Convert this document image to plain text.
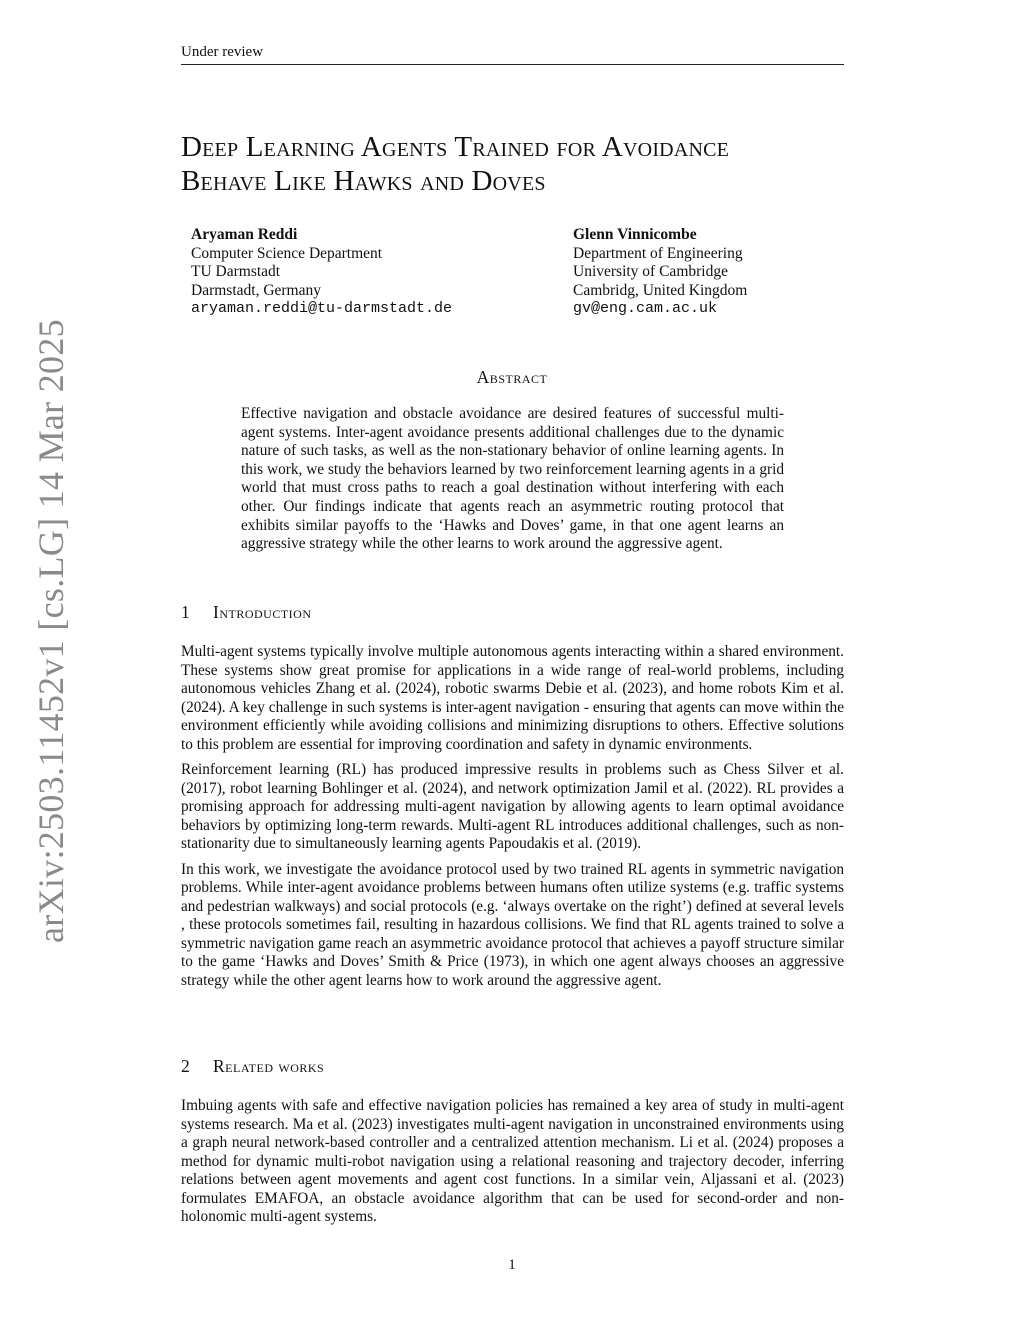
Under review
arXiv:2503.11452v1 [cs.LG] 14 Mar 2025
Deep Learning Agents Trained for Avoidance
Behave Like Hawks and Doves
Aryaman Reddi
Computer Science Department
TU Darmstadt
Darmstadt, Germany
aryaman.reddi@tu-darmstadt.de
Glenn Vinnicombe
Department of Engineering
University of Cambridge
Cambridg, United Kingdom
gv@eng.cam.ac.uk
Abstract

Effective navigation and obstacle avoidance are desired features of successful multi-agent systems. Inter-agent avoidance presents additional challenges due to the dynamic nature of such tasks, as well as the non-stationary behavior of online learning agents. In this work, we study the behaviors learned by two reinforcement learning agents in a grid world that must cross paths to reach a goal destination without interfering with each other. Our findings indicate that agents reach an asymmetric routing protocol that exhibits similar payoffs to the ‘Hawks and Doves’ game, in that one agent learns an aggressive strategy while the other learns to work around the aggressive agent.

1 Introduction

Multi-agent systems typically involve multiple autonomous agents interacting within a shared environment. These systems show great promise for applications in a wide range of real-world problems, including autonomous vehicles Zhang et al. (2024), robotic swarms Debie et al. (2023), and home robots Kim et al. (2024). A key challenge in such systems is inter-agent navigation - ensuring that agents can move within the environment efficiently while avoiding collisions and minimizing disruptions to others. Effective solutions to this problem are essential for improving coordination and safety in dynamic environments.

Reinforcement learning (RL) has produced impressive results in problems such as Chess Silver et al. (2017), robot learning Bohlinger et al. (2024), and network optimization Jamil et al. (2022). RL provides a promising approach for addressing multi-agent navigation by allowing agents to learn optimal avoidance behaviors by optimizing long-term rewards. Multi-agent RL introduces additional challenges, such as non-stationarity due to simultaneously learning agents Papoudakis et al. (2019).

In this work, we investigate the avoidance protocol used by two trained RL agents in symmetric navigation problems. While inter-agent avoidance problems between humans often utilize systems (e.g. traffic systems and pedestrian walkways) and social protocols (e.g. ‘always overtake on the right’) defined at several levels , these protocols sometimes fail, resulting in hazardous collisions. We find that RL agents trained to solve a symmetric navigation game reach an asymmetric avoidance protocol that achieves a payoff structure similar to the game ‘Hawks and Doves’ Smith & Price (1973), in which one agent always chooses an aggressive strategy while the other agent learns how to work around the aggressive agent.

2 Related works

Imbuing agents with safe and effective navigation policies has remained a key area of study in multi-agent systems research. Ma et al. (2023) investigates multi-agent navigation in unconstrained environments using a graph neural network-based controller and a centralized attention mechanism. Li et al. (2024) proposes a method for dynamic multi-robot navigation using a relational reasoning and trajectory decoder, inferring relations between agent movements and agent cost functions. In a similar vein, Aljassani et al. (2023) formulates EMAFOA, an obstacle avoidance algorithm that can be used for second-order and non-holonomic multi-agent systems.

1
